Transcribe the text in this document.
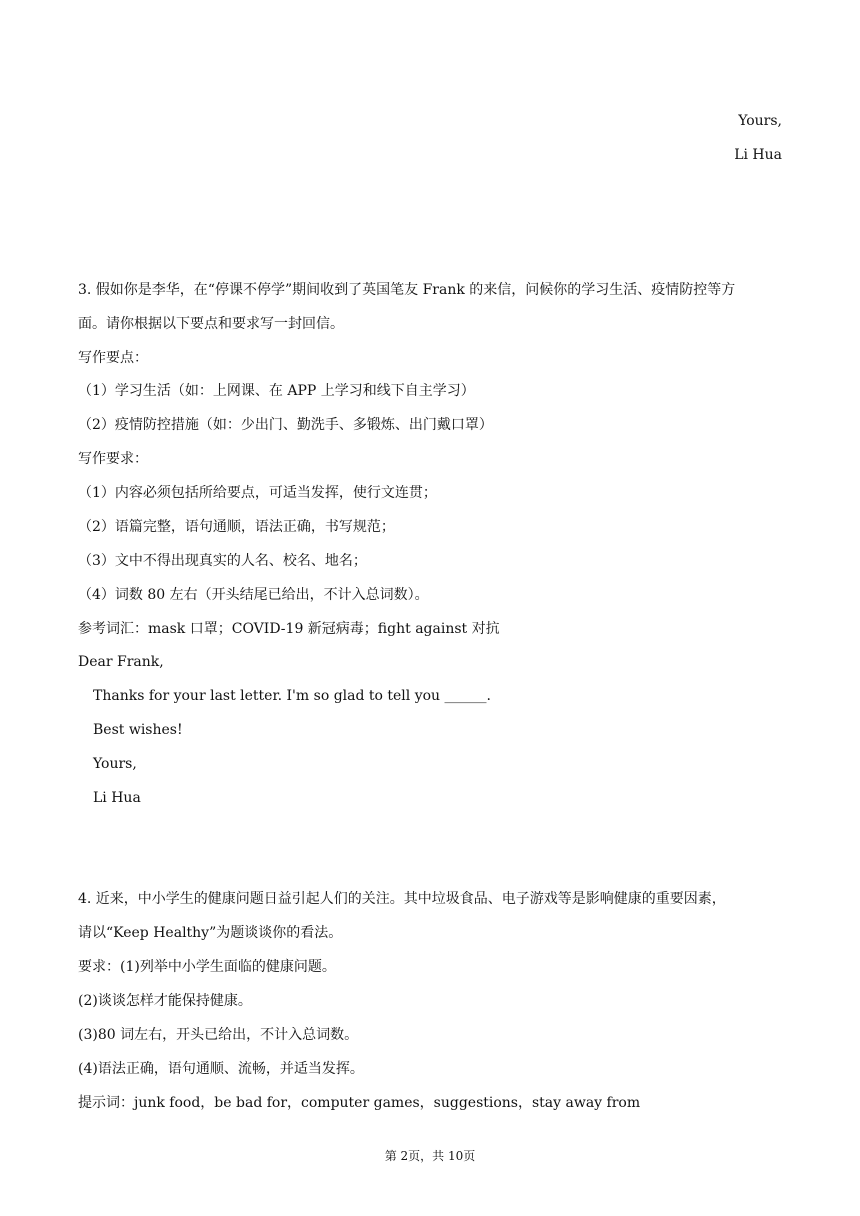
Yours,
Li Hua
3. 假如你是李华，在“停课不停学”期间收到了英国笔友 Frank 的来信，问候你的学习生活、疫情防控等方
面。请你根据以下要点和要求写一封回信。
写作要点：
（1）学习生活（如：上网课、在 APP 上学习和线下自主学习）
（2）疫情防控措施（如：少出门、勤洗手、多锻炼、出门戴口罩）
写作要求：
（1）内容必须包括所给要点，可适当发挥，使行文连贯；
（2）语篇完整，语句通顺，语法正确，书写规范；
（3）文中不得出现真实的人名、校名、地名；
（4）词数 80 左右（开头结尾已给出，不计入总词数）。
参考词汇：mask 口罩；COVID-19 新冠病毒；fight against 对抗
Dear Frank,
Thanks for your last letter. I'm so glad to tell you ______.
Best wishes!
Yours,
Li Hua
4. 近来，中小学生的健康问题日益引起人们的关注。其中垃圾食品、电子游戏等是影响健康的重要因素，
请以“Keep Healthy”为题谈谈你的看法。
要求：(1)列举中小学生面临的健康问题。
(2)谈谈怎样才能保持健康。
(3)80 词左右，开头已给出，不计入总词数。
(4)语法正确，语句通顺、流畅，并适当发挥。
提示词：junk food，be bad for，computer games，suggestions，stay away from
第 2页，共 10页
